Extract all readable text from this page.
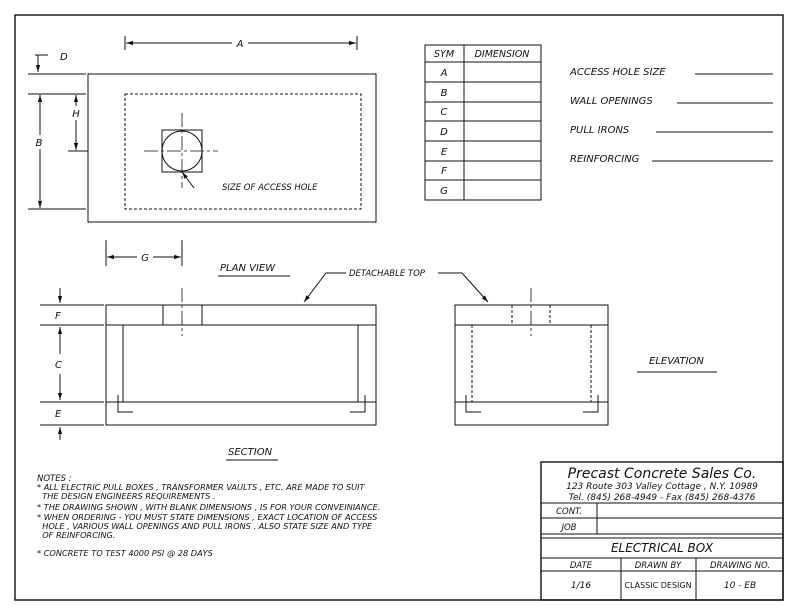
SIZE OF ACCESS HOLE
A
D
B
H
G
PLAN VIEW
SYM DIMENSION
A
B
C
D
E
F
G
ACCESS HOLE SIZE
WALL OPENINGS
PULL IRONS
REINFORCING
F
C
E
DETACHABLE TOP
SECTION
ELEVATION
NOTES :
* ALL ELECTRIC PULL BOXES , TRANSFORMER VAULTS , ETC. ARE MADE TO SUIT
THE DESIGN ENGINEERS REQUIREMENTS .
* THE DRAWING SHOWN , WITH BLANK DIMENSIONS , IS FOR YOUR CONVEINIANCE.
* WHEN ORDERING - YOU MUST STATE DIMENSIONS , EXACT LOCATION OF ACCESS
HOLE , VARIOUS WALL OPENINGS AND PULL IRONS . ALSO STATE SIZE AND TYPE
OF REINFORCING.
* CONCRETE TO TEST 4000 PSI @ 28 DAYS
Precast Concrete Sales Co.
123 Route 303 Valley Cottage , N.Y. 10989
Tel. (845) 268-4949 - Fax (845) 268-4376
CONT.
JOB
ELECTRICAL BOX
DATE	DRAWN BY	DRAWING NO.
1/16	CLASSIC DESIGN	10 - EB
